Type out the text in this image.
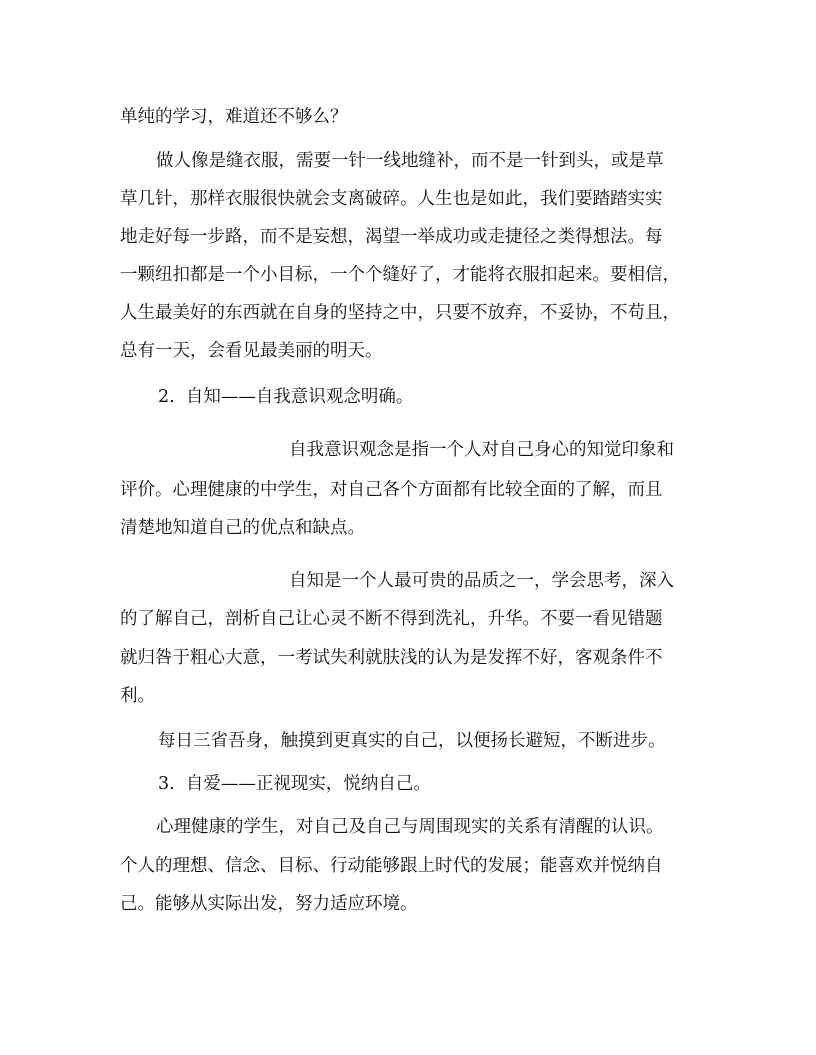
单纯的学习，难道还不够么？
做人像是缝衣服，需要一针一线地缝补，而不是一针到头，或是草
草几针，那样衣服很快就会支离破碎。人生也是如此，我们要踏踏实实
地走好每一步路，而不是妄想，渴望一举成功或走捷径之类得想法。每
一颗纽扣都是一个小目标，一个个缝好了，才能将衣服扣起来。要相信，
人生最美好的东西就在自身的坚持之中，只要不放弃，不妥协，不苟且，
总有一天，会看见最美丽的明天。
2.  自知——自我意识观念明确。
自我意识观念是指一个人对自己身心的知觉印象和
评价。心理健康的中学生，对自己各个方面都有比较全面的了解，而且
清楚地知道自己的优点和缺点。
自知是一个人最可贵的品质之一，学会思考，深入
的了解自己，剖析自己让心灵不断不得到洗礼，升华。不要一看见错题
就归咎于粗心大意，一考试失利就肤浅的认为是发挥不好，客观条件不
利。
每日三省吾身，触摸到更真实的自己，以便扬长避短，不断进步。
3.  自爱——正视现实，悦纳自己。
心理健康的学生，对自己及自己与周围现实的关系有清醒的认识。
个人的理想、信念、目标、行动能够跟上时代的发展；能喜欢并悦纳自
己。能够从实际出发，努力适应环境。
